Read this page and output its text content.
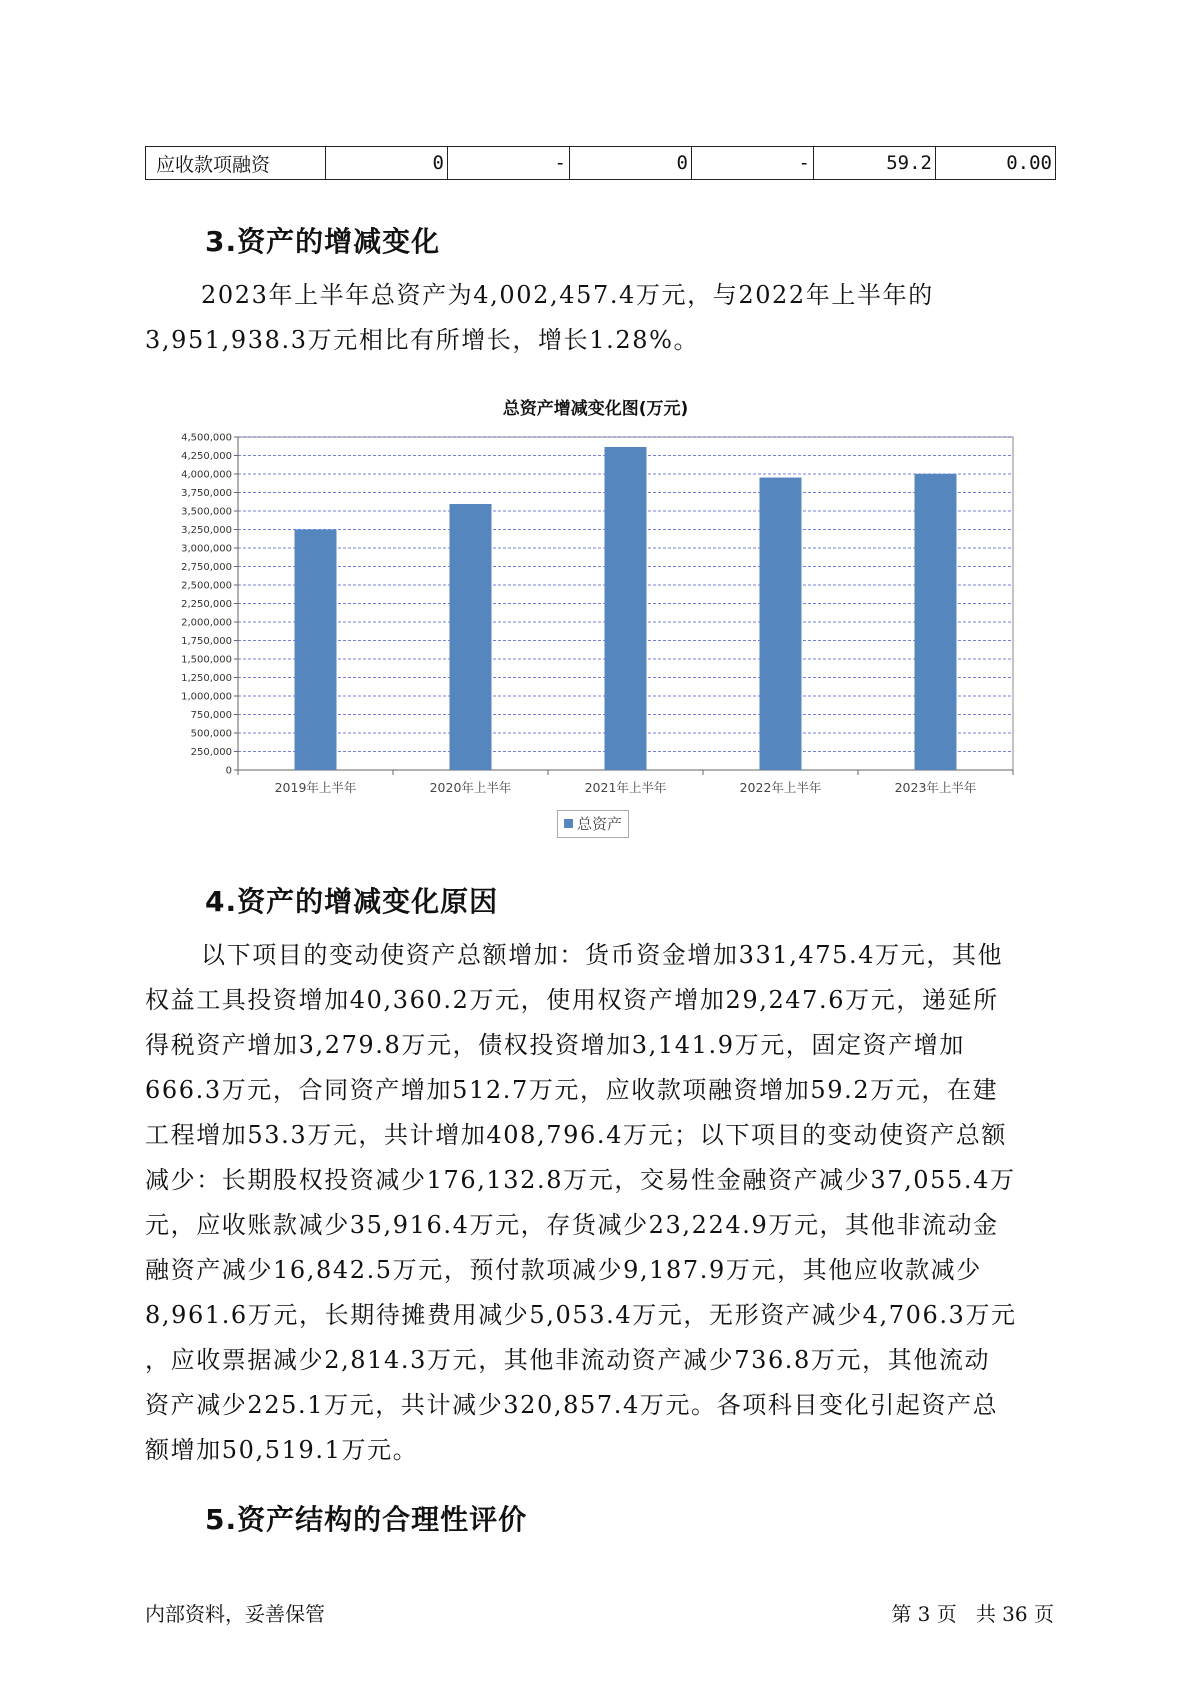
应收款项融资	0	-	0	-	59.2	0.00
3.资产的增减变化
2023年上半年总资产为4,002,457.4万元，与2022年上半年的
3,951,938.3万元相比有所增长，增长1.28%。
总资产增减变化图(万元)
0
250,000
500,000
750,000
1,000,000
1,250,000
1,500,000
1,750,000
2,000,000
2,250,000
2,500,000
2,750,000
3,000,000
3,250,000
3,500,000
3,750,000
4,000,000
4,250,000
4,500,000
2019年上半年	2020年上半年	2021年上半年	2022年上半年	2023年上半年
总资产
4.资产的增减变化原因
以下项目的变动使资产总额增加：货币资金增加331,475.4万元，其他
权益工具投资增加40,360.2万元，使用权资产增加29,247.6万元，递延所
得税资产增加3,279.8万元，债权投资增加3,141.9万元，固定资产增加
666.3万元，合同资产增加512.7万元，应收款项融资增加59.2万元，在建
工程增加53.3万元，共计增加408,796.4万元；以下项目的变动使资产总额
减少：长期股权投资减少176,132.8万元，交易性金融资产减少37,055.4万
元，应收账款减少35,916.4万元，存货减少23,224.9万元，其他非流动金
融资产减少16,842.5万元，预付款项减少9,187.9万元，其他应收款减少
8,961.6万元，长期待摊费用减少5,053.4万元，无形资产减少4,706.3万元
，应收票据减少2,814.3万元，其他非流动资产减少736.8万元，其他流动
资产减少225.1万元，共计减少320,857.4万元。各项科目变化引起资产总
额增加50,519.1万元。
5.资产结构的合理性评价
内部资料，妥善保管	第 3 页   共 36 页
